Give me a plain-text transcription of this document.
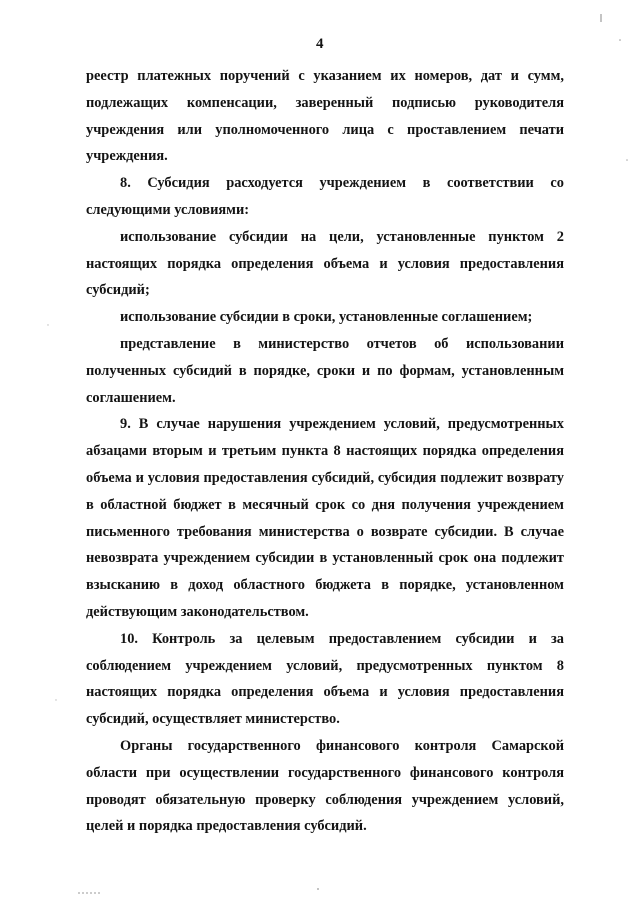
4

реестр платежных поручений с указанием их номеров, дат и сумм, подлежащих компенсации, заверенный подписью руководителя учреждения или уполномоченного лица с проставлением печати учреждения.

8. Субсидия расходуется учреждением в соответствии со следующими условиями:

использование субсидии на цели, установленные пунктом 2 настоящих порядка определения объема и условия предоставления субсидий;

использование субсидии в сроки, установленные соглашением;

представление в министерство отчетов об использовании полученных субсидий в порядке, сроки и по формам, установленным соглашением.

9. В случае нарушения учреждением условий, предусмотренных абзацами вторым и третьим пункта 8 настоящих порядка определения объема и условия предоставления субсидий, субсидия подлежит возврату в областной бюджет в месячный срок со дня получения учреждением письменного требования министерства о возврате субсидии. В случае невозврата учреждением субсидии в установленный срок она подлежит взысканию в доход областного бюджета в порядке, установленном действующим законодательством.

10. Контроль за целевым предоставлением субсидии и за соблюдением учреждением условий, предусмотренных пунктом 8 настоящих порядка определения объема и условия предоставления субсидий, осуществляет министерство.

Органы государственного финансового контроля Самарской области при осуществлении государственного финансового контроля проводят обязательную проверку соблюдения учреждением условий, целей и порядка предоставления субсидий.
